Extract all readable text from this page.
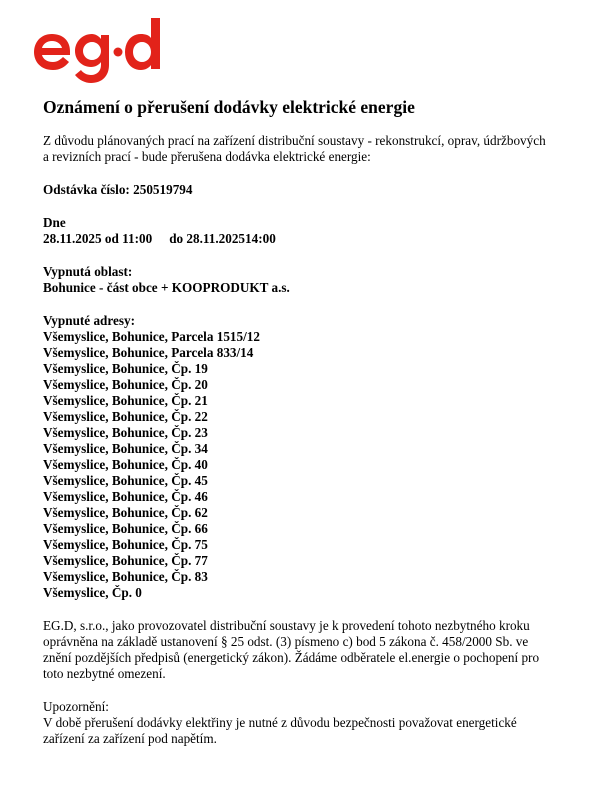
Oznámení o přerušení dodávky elektrické energie

Z důvodu plánovaných prací na zařízení distribuční soustavy - rekonstrukcí, oprav, údržbových a revizních prací - bude přerušena dodávka elektrické energie:

Odstávka číslo: 250519794

Dne
28.11.2025 od 11:00 do 28.11.202514:00
Vypnutá oblast:
Bohunice - část obce + KOOPRODUKT a.s.
Vypnuté adresy:
Všemyslice, Bohunice, Parcela 1515/12
Všemyslice, Bohunice, Parcela 833/14
Všemyslice, Bohunice, Čp. 19
Všemyslice, Bohunice, Čp. 20
Všemyslice, Bohunice, Čp. 21
Všemyslice, Bohunice, Čp. 22
Všemyslice, Bohunice, Čp. 23
Všemyslice, Bohunice, Čp. 34
Všemyslice, Bohunice, Čp. 40
Všemyslice, Bohunice, Čp. 45
Všemyslice, Bohunice, Čp. 46
Všemyslice, Bohunice, Čp. 62
Všemyslice, Bohunice, Čp. 66
Všemyslice, Bohunice, Čp. 75
Všemyslice, Bohunice, Čp. 77
Všemyslice, Bohunice, Čp. 83
Všemyslice, Čp. 0

EG.D, s.r.o., jako provozovatel distribuční soustavy je k provedení tohoto nezbytného kroku oprávněna na základě ustanovení § 25 odst. (3) písmeno c) bod 5 zákona č. 458/2000 Sb. ve znění pozdějších předpisů (energetický zákon). Žádáme odběratele el.energie o pochopení pro toto nezbytné omezení.

Upozornění:
V době přerušení dodávky elektřiny je nutné z důvodu bezpečnosti považovat energetické zařízení za zařízení pod napětím.
